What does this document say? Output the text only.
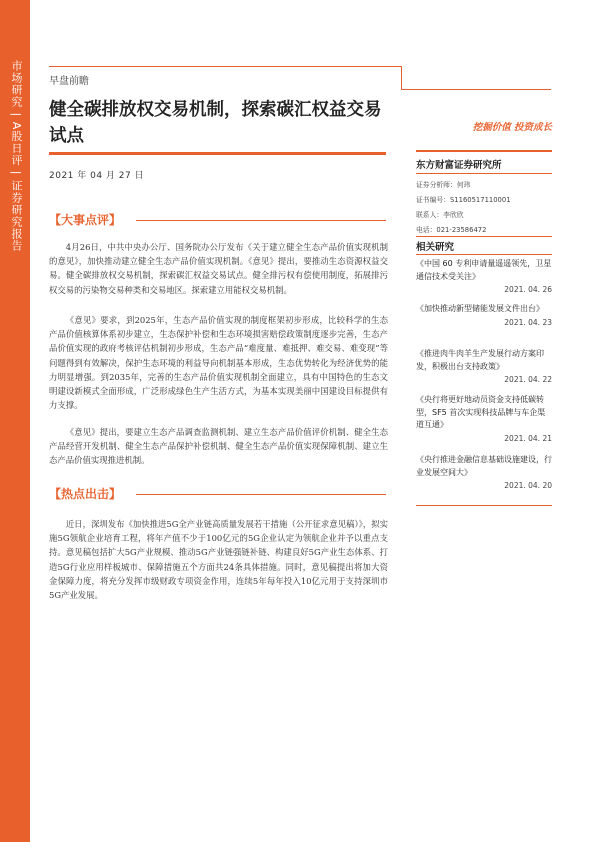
市场研究 | A股日评 | 证券研究报告	早盘前瞻
健全碳排放权交易机制，探索碳汇权益交易试点	挖掘价值 投资成长
2021 年 04 月 27 日
【大事点评】
4月26日，中共中央办公厅、国务院办公厅发布《关于建立健全生态产品价值实现机制的意见》，加快推动建立健全生态产品价值实现机制。《意见》提出，要推动生态资源权益交易。健全碳排放权交易机制，探索碳汇权益交易试点。健全排污权有偿使用制度，拓展排污权交易的污染物交易种类和交易地区。探索建立用能权交易机制。
《意见》要求，到2025年，生态产品价值实现的制度框架初步形成，比较科学的生态产品价值核算体系初步建立，生态保护补偿和生态环境损害赔偿政策制度逐步完善，生态产品价值实现的政府考核评估机制初步形成，生态产品“难度量、难抵押、难交易、难变现”等问题得到有效解决，保护生态环境的利益导向机制基本形成，生态优势转化为经济优势的能力明显增强。到2035年，完善的生态产品价值实现机制全面建立，具有中国特色的生态文明建设新模式全面形成，广泛形成绿色生产生活方式，为基本实现美丽中国建设目标提供有力支撑。
《意见》提出，要建立生态产品调查监测机制、建立生态产品价值评价机制、健全生态产品经营开发机制、健全生态产品保护补偿机制、健全生态产品价值实现保障机制、建立生态产品价值实现推进机制。
【热点出击】
近日，深圳发布《加快推进5G全产业链高质量发展若干措施（公开征求意见稿）》，拟实施5G领航企业培育工程，将年产值不少于100亿元的5G企业认定为领航企业并予以重点支持。意见稿包括扩大5G产业规模、推动5G产业链强链补链、构建良好5G产业生态体系、打造5G行业应用样板城市、保障措施五个方面共24条具体措施。同时，意见稿提出将加大资金保障力度，将充分发挥市级财政专项资金作用，连续5年每年投入10亿元用于支持深圳市5G产业发展。
东方财富证券研究所
证券分析师：何玮
证书编号：S1160517110001
联系人：李欣欣
电话：021-23586472
相关研究
《中国 60 专利申请量遥遥领先，卫星通信技术受关注》
2021. 04. 26
《加快推动新型储能发展文件出台》
2021. 04. 23
《推进肉牛肉羊生产发展行动方案印发，积极出台支持政策》
2021. 04. 22
《央行将更好地动员资金支持低碳转型，SF5 首次实现科技品牌与车企渠道互通》
2021. 04. 21
《央行推进金融信息基础设施建设，行业发展空间大》
2021. 04. 20
